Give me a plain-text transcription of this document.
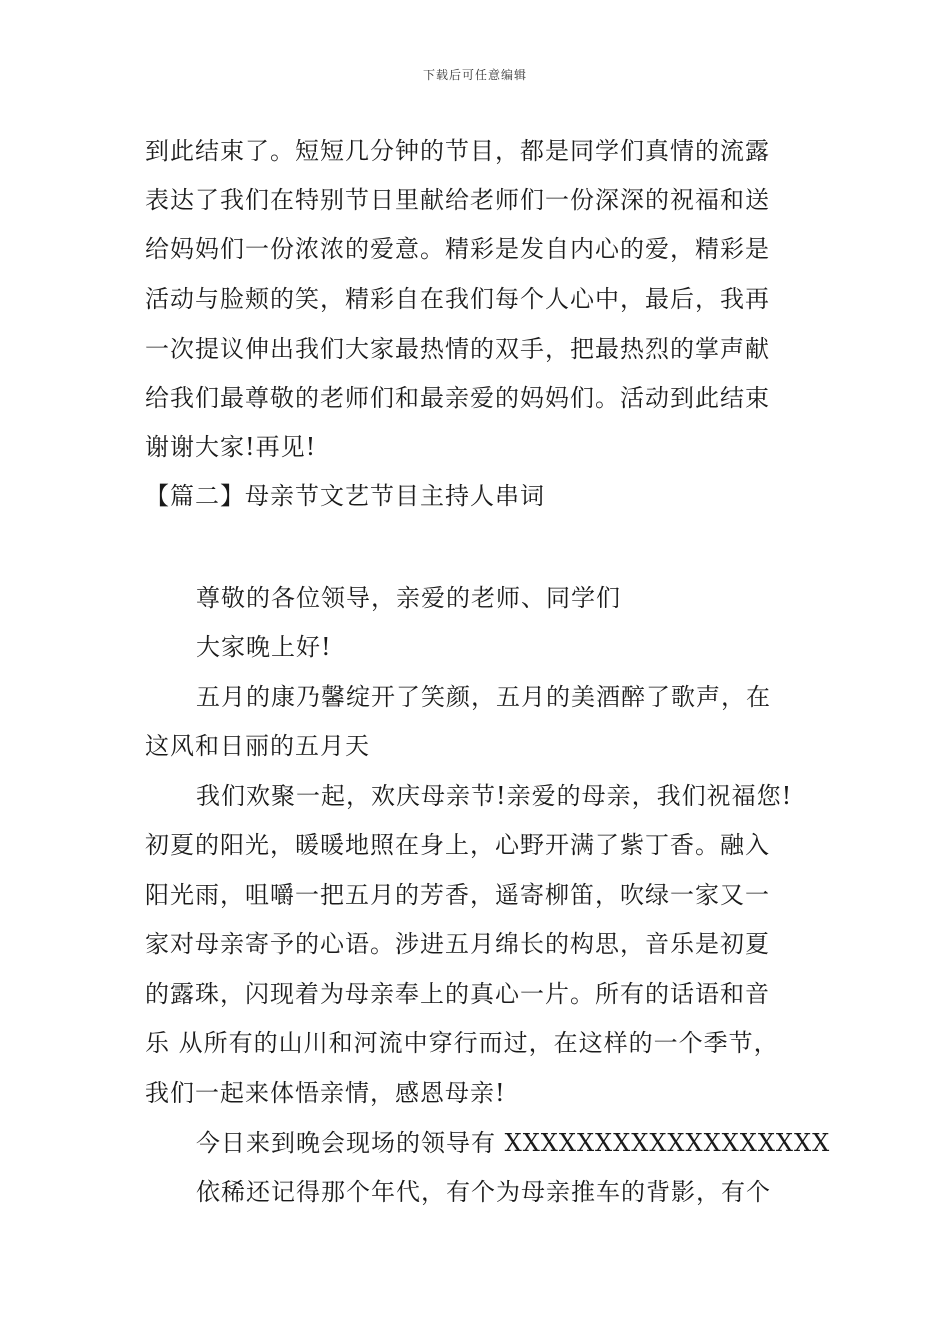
下载后可任意编辑
到此结束了。短短几分钟的节目，都是同学们真情的流露
表达了我们在特别节日里献给老师们一份深深的祝福和送
给妈妈们一份浓浓的爱意。精彩是发自内心的爱，精彩是
活动与脸颊的笑，精彩自在我们每个人心中，最后，我再
一次提议伸出我们大家最热情的双手，把最热烈的掌声献
给我们最尊敬的老师们和最亲爱的妈妈们。活动到此结束
谢谢大家!再见!
【篇二】母亲节文艺节目主持人串词
尊敬的各位领导，亲爱的老师、同学们
大家晚上好!
五月的康乃馨绽开了笑颜，五月的美酒醉了歌声，在
这风和日丽的五月天
我们欢聚一起，欢庆母亲节!亲爱的母亲，我们祝福您!
初夏的阳光，暖暖地照在身上，心野开满了紫丁香。融入
阳光雨，咀嚼一把五月的芳香，遥寄柳笛，吹绿一家又一
家对母亲寄予的心语。涉进五月绵长的构思，音乐是初夏
的露珠，闪现着为母亲奉上的真心一片。所有的话语和音
乐 从所有的山川和河流中穿行而过，在这样的一个季节，
我们一起来体悟亲情，感恩母亲!
今日来到晚会现场的领导有 XXXXXXXXXXXXXXXXXX
依稀还记得那个年代，有个为母亲推车的背影，有个
